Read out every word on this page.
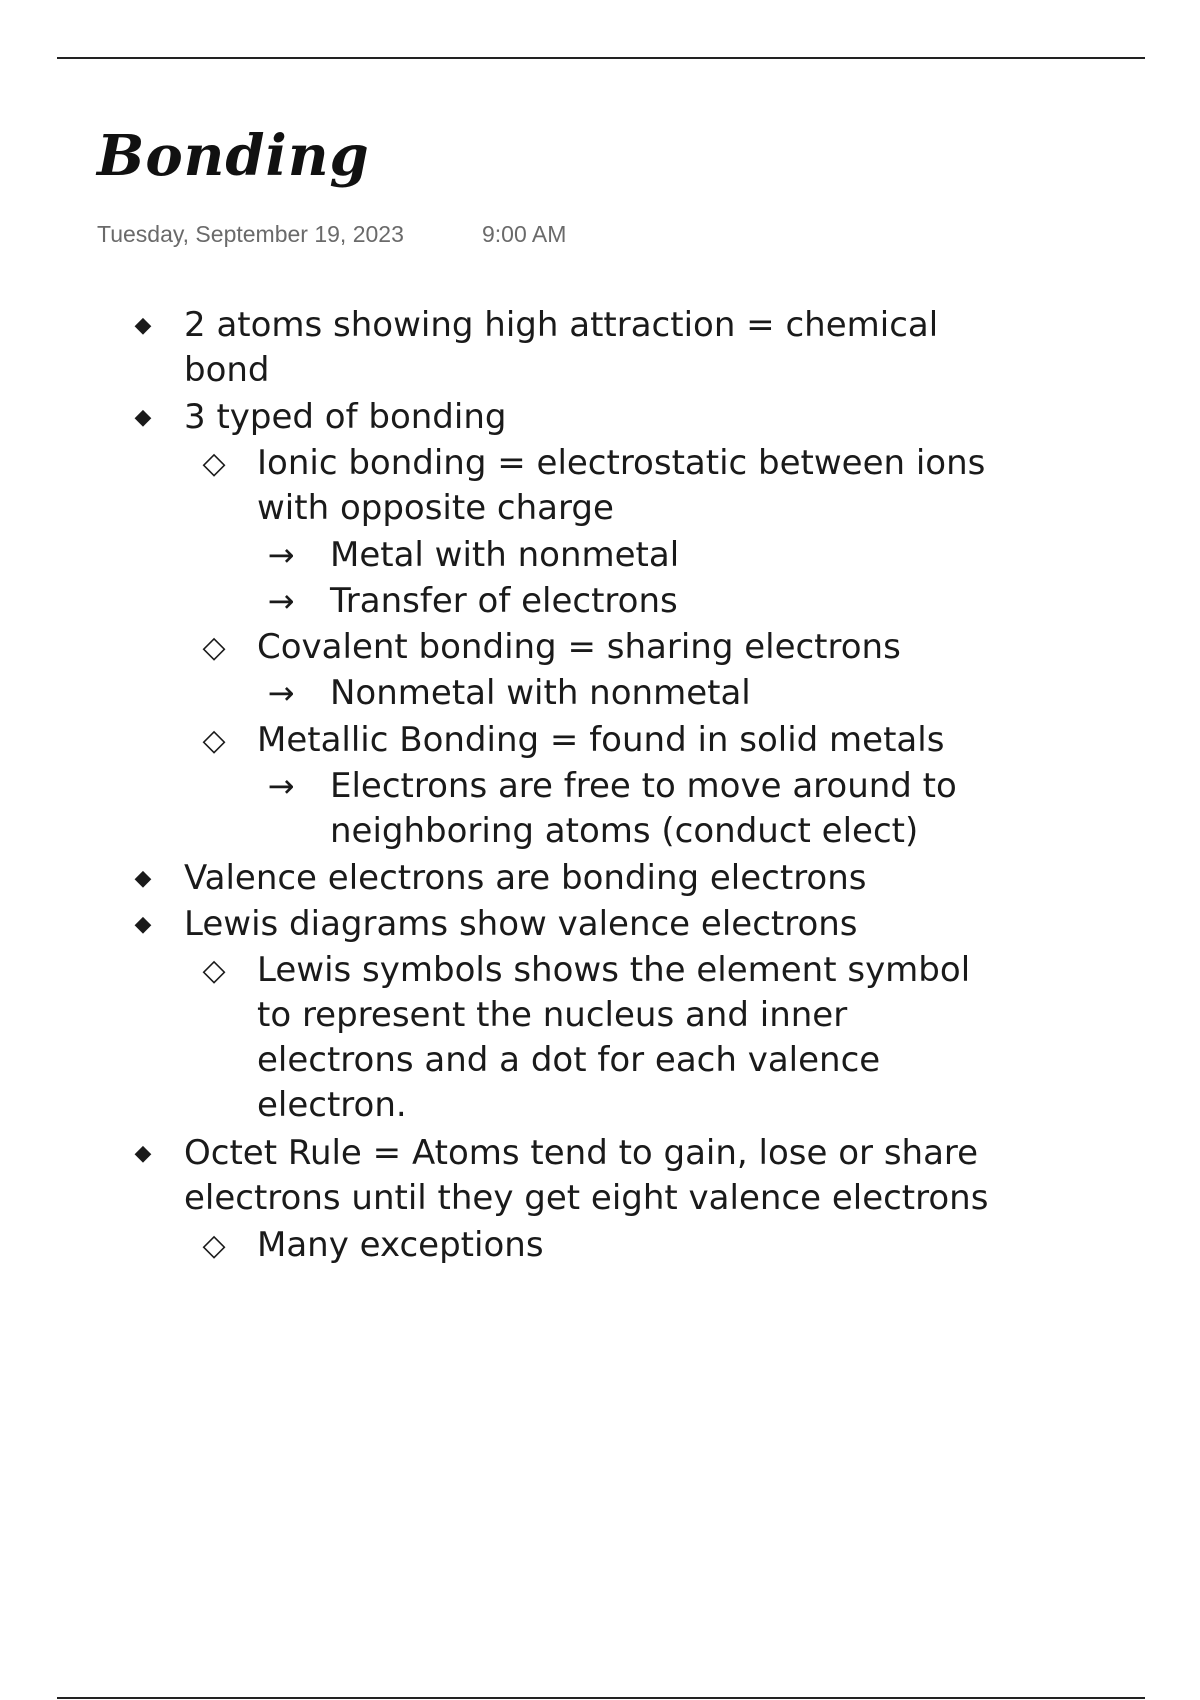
Bonding
Tuesday, September 19, 2023	9:00 AM
◆ 2 atoms showing high attraction = chemical
bond
◆ 3 typed of bonding
◇ Ionic bonding = electrostatic between ions
with opposite charge
→ Metal with nonmetal
→ Transfer of electrons
◇ Covalent bonding = sharing electrons
→ Nonmetal with nonmetal
◇ Metallic Bonding = found in solid metals
→ Electrons are free to move around to
neighboring atoms (conduct elect)
◆ Valence electrons are bonding electrons
◆ Lewis diagrams show valence electrons
◇ Lewis symbols shows the element symbol
to represent the nucleus and inner
electrons and a dot for each valence
electron.
◆ Octet Rule = Atoms tend to gain, lose or share
electrons until they get eight valence electrons
◇ Many exceptions
